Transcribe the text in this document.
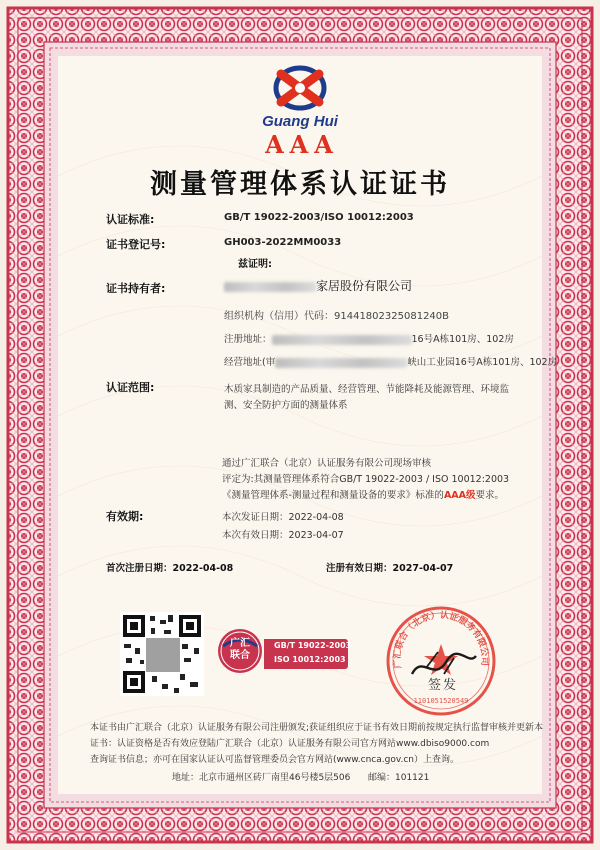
Guang Hui
AAA
测量管理体系认证证书
认证标准:	GB/T 19022-2003/ISO 10012:2003
证书登记号:	GH003-2022MM0033
兹证明:
证书持有者:	家居股份有限公司
组织机构（信用）代码：91441802325081240B
注册地址：	16号A栋101房、102房
经营地址(审	峡山工业园16号A栋101房、102房
认证范围:	木质家具制造的产品质量、经营管理、节能降耗及能源管理、环境监
测、安全防护方面的测量体系
通过广汇联合（北京）认证服务有限公司现场审核
评定为:其测量管理体系符合GB/T 19022-2003 / ISO 10012:2003
《测量管理体系-测量过程和测量设备的要求》标准的AAA级要求。
有效期:	本次发证日期：2022-04-08
本次有效日期：2023-04-07
首次注册日期：2022-04-08	注册有效日期：2027-04-07
广汇
联合
GB/T 19022-2003
ISO 10012:2003	广汇联合（北京）认证服务有限公司
1101051520549
签发
本证书由广汇联合（北京）认证服务有限公司注册颁发;获证组织应于证书有效日期前按规定执行监督审核并更新本
证书：认证资格是否有效应登陆广汇联合（北京）认证服务有限公司官方网站www.dbiso9000.com
查询证书信息；亦可在国家认证认可监督管理委员会官方网站(www.cnca.gov.cn）上查询。
地址：北京市通州区砖厂南里46号楼5层506 邮编：101121
